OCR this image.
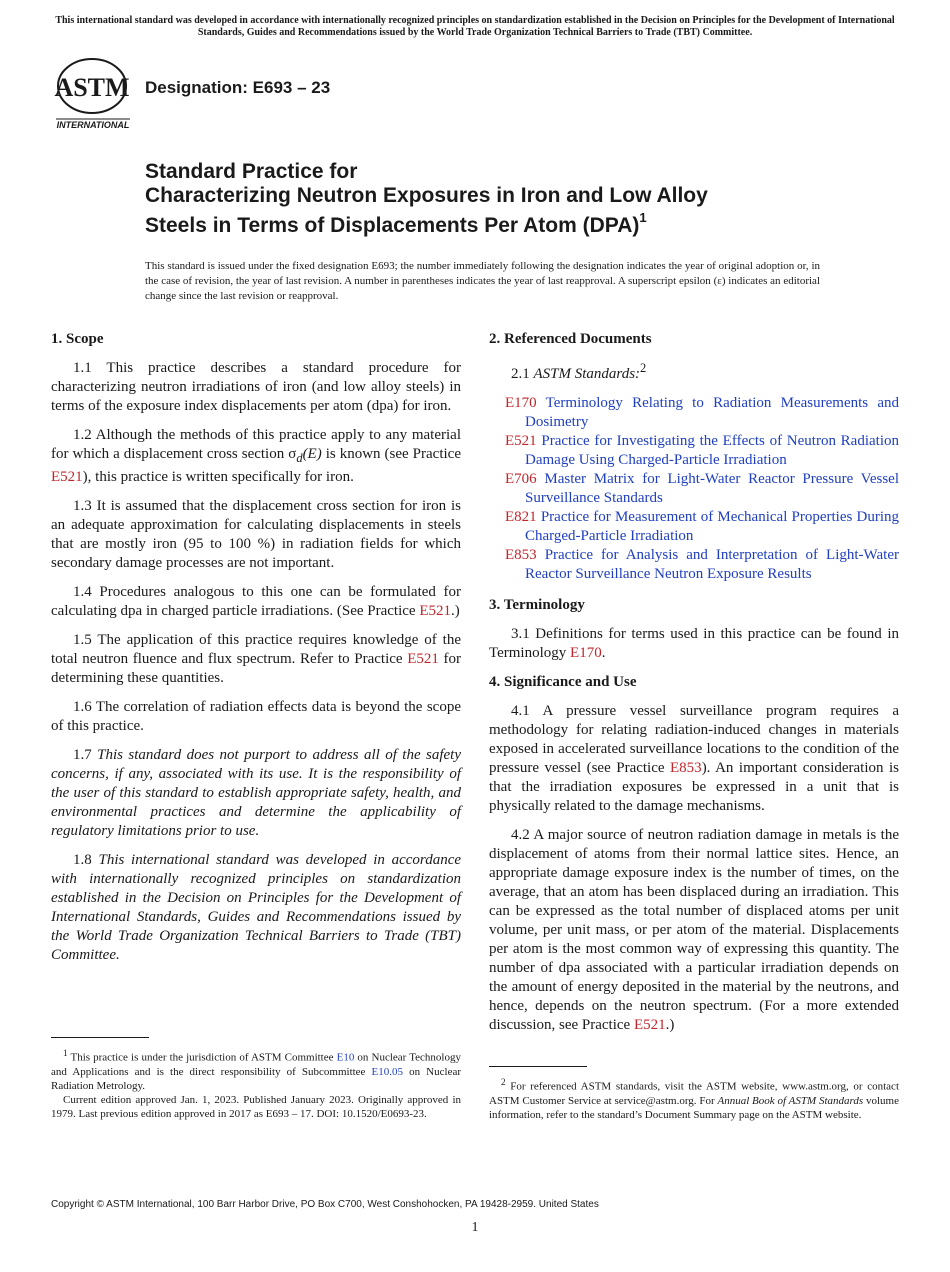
This international standard was developed in accordance with internationally recognized principles on standardization established in the Decision on Principles for the Development of International Standards, Guides and Recommendations issued by the World Trade Organization Technical Barriers to Trade (TBT) Committee.
ASTM
INTERNATIONAL
Designation: E693 – 23
Standard Practice for
Characterizing Neutron Exposures in Iron and Low Alloy
Steels in Terms of Displacements Per Atom (DPA)$^1$
This standard is issued under the fixed designation E693; the number immediately following the designation indicates the year of original adoption or, in the case of revision, the year of last revision. A number in parentheses indicates the year of last reapproval. A superscript epsilon (ε) indicates an editorial change since the last revision or reapproval.
1. Scope

1.1 This practice describes a standard procedure for characterizing neutron irradiations of iron (and low alloy steels) in terms of the exposure index displacements per atom (dpa) for iron.

1.2 Although the methods of this practice apply to any material for which a displacement cross section $\sigma_d(E)$ is known (see Practice E521), this practice is written specifically for iron.

1.3 It is assumed that the displacement cross section for iron is an adequate approximation for calculating displacements in steels that are mostly iron (95 to 100 %) in radiation fields for which secondary damage processes are not important.

1.4 Procedures analogous to this one can be formulated for calculating dpa in charged particle irradiations. (See Practice E521.)

1.5 The application of this practice requires knowledge of the total neutron fluence and flux spectrum. Refer to Practice E521 for determining these quantities.

1.6 The correlation of radiation effects data is beyond the scope of this practice.

1.7 This standard does not purport to address all of the safety concerns, if any, associated with its use. It is the responsibility of the user of this standard to establish appropriate safety, health, and environmental practices and determine the applicability of regulatory limitations prior to use.

1.8 This international standard was developed in accordance with internationally recognized principles on standardization established in the Decision on Principles for the Development of International Standards, Guides and Recommendations issued by the World Trade Organization Technical Barriers to Trade (TBT) Committee.

2. Referenced Documents

2.1 ASTM Standards:$^2$

E170 Terminology Relating to Radiation Measurements and Dosimetry
E521 Practice for Investigating the Effects of Neutron Radiation Damage Using Charged-Particle Irradiation
E706 Master Matrix for Light-Water Reactor Pressure Vessel Surveillance Standards
E821 Practice for Measurement of Mechanical Properties During Charged-Particle Irradiation
E853 Practice for Analysis and Interpretation of Light-Water Reactor Surveillance Neutron Exposure Results
3. Terminology

3.1 Definitions for terms used in this practice can be found in Terminology E170.

4. Significance and Use

4.1 A pressure vessel surveillance program requires a methodology for relating radiation-induced changes in materials exposed in accelerated surveillance locations to the condition of the pressure vessel (see Practice E853). An important consideration is that the irradiation exposures be expressed in a unit that is physically related to the damage mechanisms.

4.2 A major source of neutron radiation damage in metals is the displacement of atoms from their normal lattice sites. Hence, an appropriate damage exposure index is the number of times, on the average, that an atom has been displaced during an irradiation. This can be expressed as the total number of displaced atoms per unit volume, per unit mass, or per atom of the material. Displacements per atom is the most common way of expressing this quantity. The number of dpa associated with a particular irradiation depends on the amount of energy deposited in the material by the neutrons, and hence, depends on the neutron spectrum. (For a more extended discussion, see Practice E521.)

$^1$ This practice is under the jurisdiction of ASTM Committee E10 on Nuclear Technology and Applications and is the direct responsibility of Subcommittee E10.05 on Nuclear Radiation Metrology.

Current edition approved Jan. 1, 2023. Published January 2023. Originally approved in 1979. Last previous edition approved in 2017 as E693 – 17. DOI: 10.1520/E0693-23.

$^2$ For referenced ASTM standards, visit the ASTM website, www.astm.org, or contact ASTM Customer Service at service@astm.org. For Annual Book of ASTM Standards volume information, refer to the standard’s Document Summary page on the ASTM website.

Copyright © ASTM International, 100 Barr Harbor Drive, PO Box C700, West Conshohocken, PA 19428-2959. United States
1
